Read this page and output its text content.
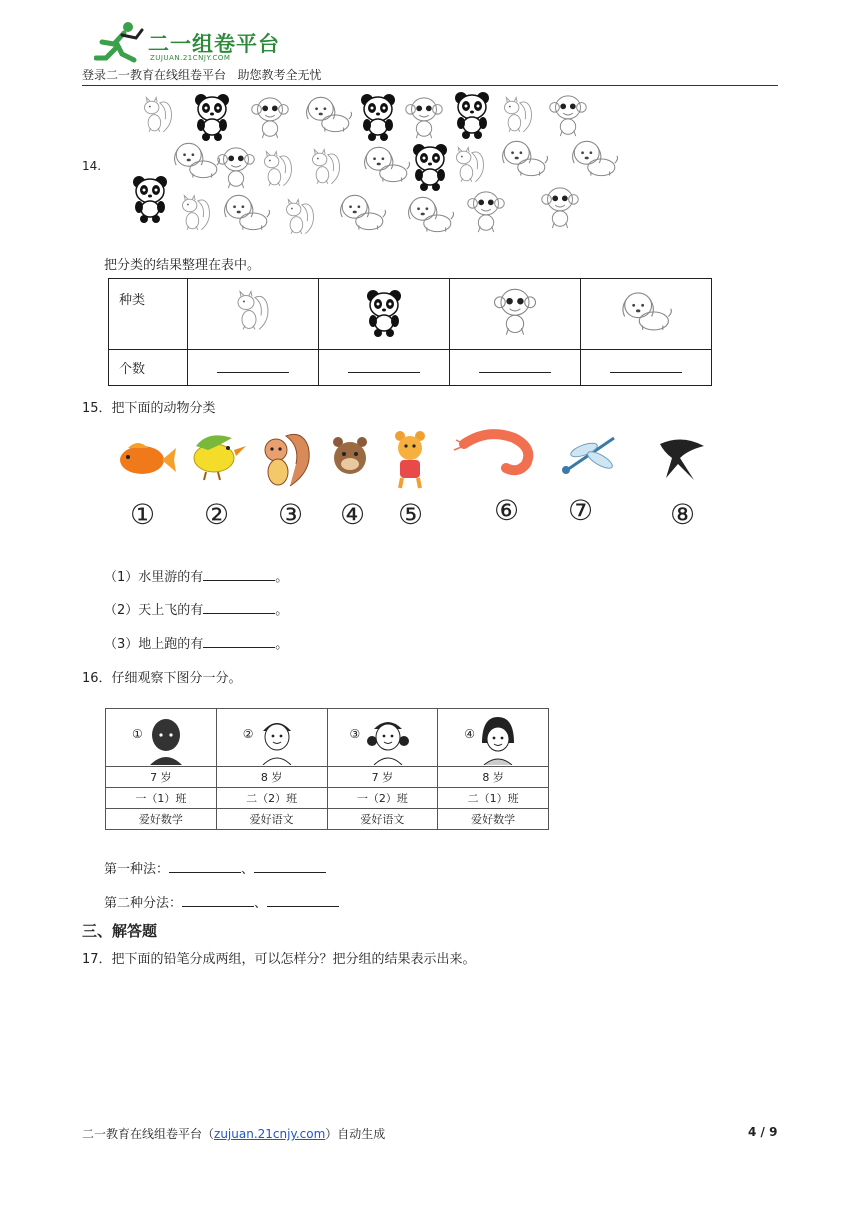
二一组卷平台
ZUJUAN.21CNJY.COM
登录二一教育在线组卷平台   助您教考全无忧
14.
把分类的结果整理在表中。
种类				
个数				
15．把下面的动物分类
① ② ③ ④ ⑤	⑥ ⑦	⑧
（1）水里游的有	。
（2）天上飞的有	。
（3）地上跑的有	。
16．仔细观察下图分一分。
①	②	③	④

7 岁	8 岁	7 岁	8 岁
一（1）班	二（2）班	一（2）班	二（1）班
爱好数学	爱好语文	爱好语文	爱好数学
第一种法：	、
第二种分法：	、
三、解答题
17．把下面的铅笔分成两组，可以怎样分？把分组的结果表示出来。
二一教育在线组卷平台（zujuan.21cnjy.com）自动生成	4 / 9
